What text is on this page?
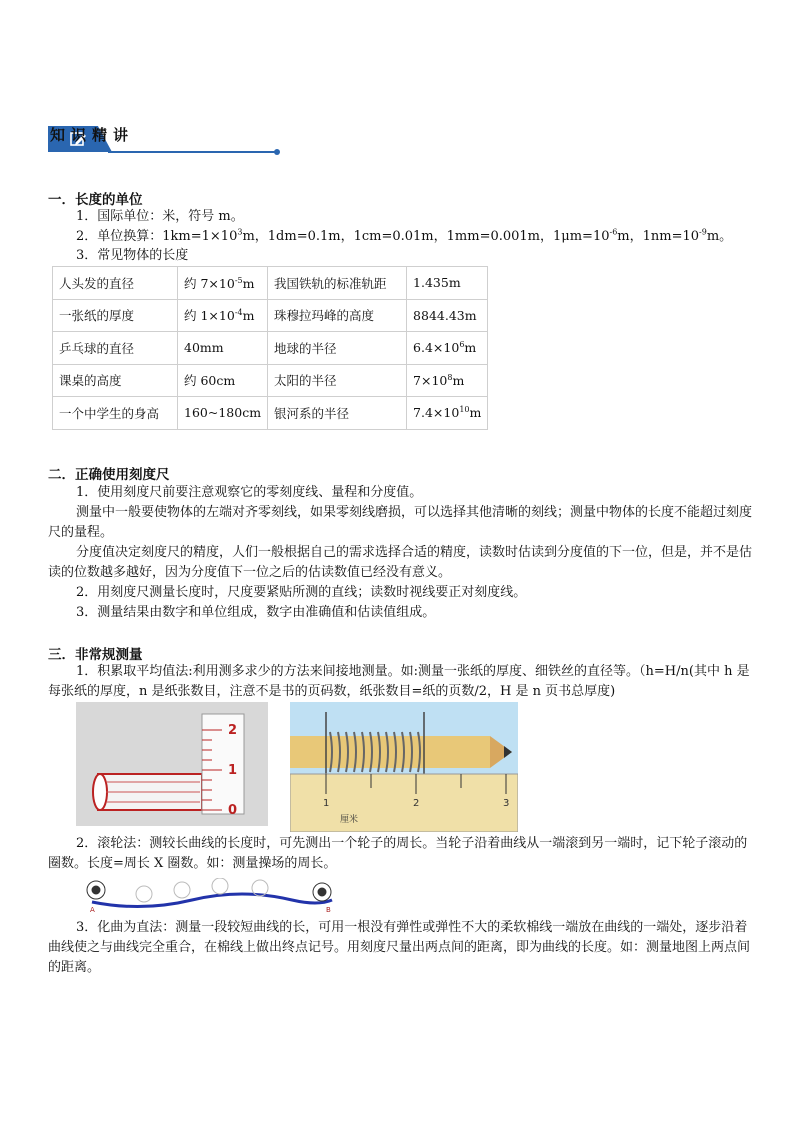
知识精讲
一．长度的单位
1．国际单位：米，符号 m。
2．单位换算：$1km=1\times 10^3m$，1dm=0.1m，1cm=0.01m，1mm=0.001m，$1\mu m=10^{-6}m$，$1nm=10^{-9}m$。
3．常见物体的长度
人头发的直径	约 $7\times 10^{-5}m$	我国铁轨的标准轨距	1.435m
一张纸的厚度	约 $1\times 10^{-4}m$	珠穆拉玛峰的高度	8844.43m
乒乓球的直径	40mm	地球的半径	$6.4\times 10^6m$
课桌的高度	约 60cm	太阳的半径	$7\times 10^8m$
一个中学生的身高	160~180cm	银河系的半径	$7.4\times 10^{10}m$
二．正确使用刻度尺
1．使用刻度尺前要注意观察它的零刻度线、量程和分度值。
测量中一般要使物体的左端对齐零刻线，如果零刻线磨损，可以选择其他清晰的刻线；测量中物体的长度不能超过刻度尺的量程。
分度值决定刻度尺的精度，人们一般根据自己的需求选择合适的精度，读数时估读到分度值的下一位，但是，并不是估读的位数越多越好，因为分度值下一位之后的估读数值已经没有意义。
2．用刻度尺测量长度时，尺度要紧贴所测的直线；读数时视线要正对刻度线。
3．测量结果由数字和单位组成，数字由准确值和估读值组成。
三．非常规测量
1．积累取平均值法:利用测多求少的方法来间接地测量。如:测量一张纸的厚度、细铁丝的直径等。（h=H/n(其中 h 是每张纸的厚度，n 是纸张数目，注意不是书的页码数，纸张数目=纸的页数/2，H 是 n 页书总厚度)
0
1
2
1	2	3
厘米
2．滚轮法：测较长曲线的长度时，可先测出一个轮子的周长。当轮子沿着曲线从一端滚到另一端时，记下轮子滚动的圈数。长度=周长 X 圈数。如：测量操场的周长。
A	B
3．化曲为直法：测量一段较短曲线的长，可用一根没有弹性或弹性不大的柔软棉线一端放在曲线的一端处，逐步沿着曲线使之与曲线完全重合，在棉线上做出终点记号。用刻度尺量出两点间的距离，即为曲线的长度。如：测量地图上两点间的距离。
